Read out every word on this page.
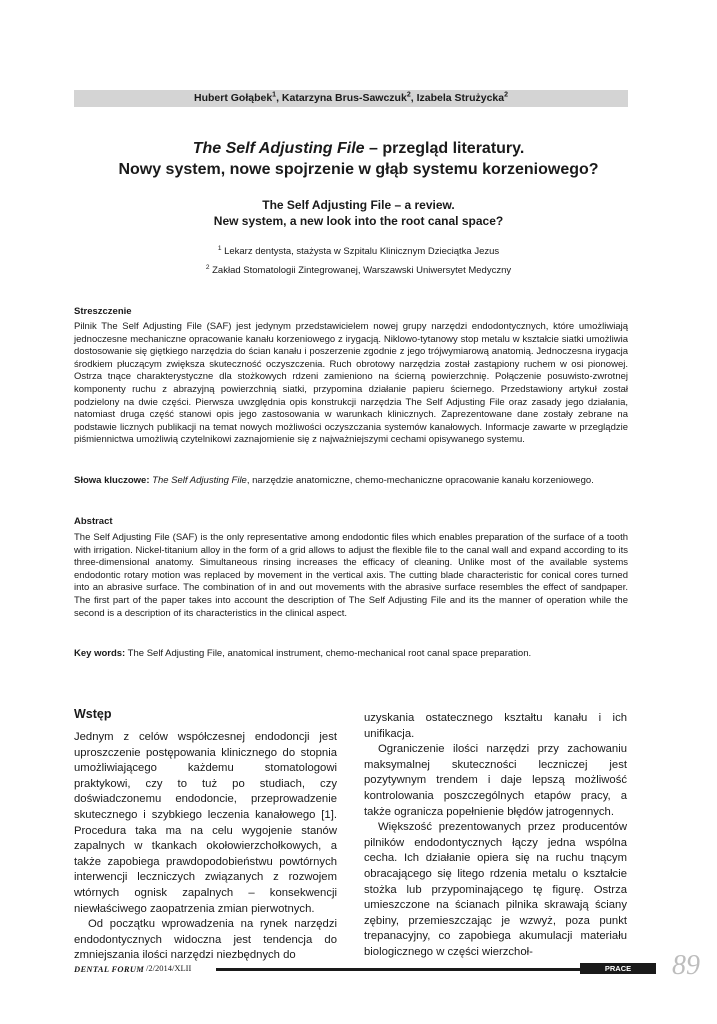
Hubert Gołąbek$^1$, Katarzyna Brus-Sawczuk$^2$, Izabela Strużycka$^2$
The Self Adjusting File – przegląd literatury.
Nowy system, nowe spojrzenie w głąb systemu korzeniowego?
The Self Adjusting File – a review.
New system, a new look into the root canal space?
$^1$ Lekarz dentysta, stażysta w Szpitalu Klinicznym Dzieciątka Jezus
$^2$ Zakład Stomatologii Zintegrowanej, Warszawski Uniwersytet Medyczny
Streszczenie
Pilnik The Self Adjusting File (SAF) jest jedynym przedstawicielem nowej grupy narzędzi endodontycznych, które umożliwiają jednoczesne mechaniczne opracowanie kanału korzeniowego z irygacją. Niklowo-tytanowy stop metalu w kształcie siatki umożliwia dostosowanie się giętkiego narzędzia do ścian kanału i poszerzenie zgodnie z jego trójwymiarową anatomią. Jednoczesna irygacja środkiem płuczącym zwiększa skuteczność oczyszczenia. Ruch obrotowy narzędzia został zastąpiony ruchem w osi pionowej. Ostrza tnące charakterystyczne dla stożkowych rdzeni zamieniono na ścierną powierzchnię. Połączenie posuwisto-zwrotnej komponenty ruchu z abrazyjną powierzchnią siatki, przypomina działanie papieru ściernego. Przedstawiony artykuł został podzielony na dwie części. Pierwsza uwzględnia opis konstrukcji narzędzia The Self Adjusting File oraz zasady jego działania, natomiast druga część stanowi opis jego zastosowania w warunkach klinicznych. Zaprezentowane dane zostały zebrane na podstawie licznych publikacji na temat nowych możliwości oczyszczania systemów kanałowych. Informacje zawarte w przeglądzie piśmiennictwa umożliwią czytelnikowi zaznajomienie się z najważniejszymi cechami opisywanego systemu.
Słowa kluczowe: The Self Adjusting File, narzędzie anatomiczne, chemo-mechaniczne opracowanie kanału korzeniowego.
Abstract
The Self Adjusting File (SAF) is the only representative among endodontic files which enables preparation of the surface of a tooth with irrigation. Nickel-titanium alloy in the form of a grid allows to adjust the flexible file to the canal wall and expand according to its three-dimensional anatomy. Simultaneous rinsing increases the efficacy of cleaning. Unlike most of the available systems endodontic rotary motion was replaced by movement in the vertical axis. The cutting blade characteristic for conical cores turned into an abrasive surface. The combination of in and out movements with the abrasive surface resembles the effect of sandpaper. The first part of the paper takes into account the description of The Self Adjusting File and its the manner of operation while the second is a description of its characteristics in the clinical aspect.
Key words: The Self Adjusting File, anatomical instrument, chemo-mechanical root canal space preparation.
Wstęp

Jednym z celów współczesnej endodoncji jest uproszczenie postępowania klinicznego do stopnia umożliwiającego każdemu stomatologowi praktykowi, czy to tuż po studiach, czy doświadczonemu endodoncie, przeprowadzenie skutecznego i szybkiego leczenia kanałowego [1]. Procedura taka ma na celu wygojenie stanów zapalnych w tkankach okołowierzchołkowych, a także zapobiega prawdopodobieństwu powtórnych interwencji leczniczych związanych z rozwojem wtórnych ognisk zapalnych – konsekwencji niewłaściwego zaopatrzenia zmian pierwotnych.

Od początku wprowadzenia na rynek narzędzi endodontycznych widoczna jest tendencja do zmniejszania ilości narzędzi niezbędnych do

uzyskania ostatecznego kształtu kanału i ich unifikacja.

Ograniczenie ilości narzędzi przy zachowaniu maksymalnej skuteczności leczniczej jest pozytywnym trendem i daje lepszą możliwość kontrolowania poszczególnych etapów pracy, a także ogranicza popełnienie błędów jatrogennych.

Większość prezentowanych przez producentów pilników endodontycznych łączy jedna wspólna cecha. Ich działanie opiera się na ruchu tnącym obracającego się litego rdzenia metalu o kształcie stożka lub przypominającego tę figurę. Ostrza umieszczone na ścianach pilnika skrawają ściany zębiny, przemieszczając je wzwyż, poza punkt trepanacyjny, co zapobiega akumulacji materiału biologicznego w części wierzchoł-

DENTAL FORUM /2/2014/XLII	PRACE POGLĄDOWE	89
